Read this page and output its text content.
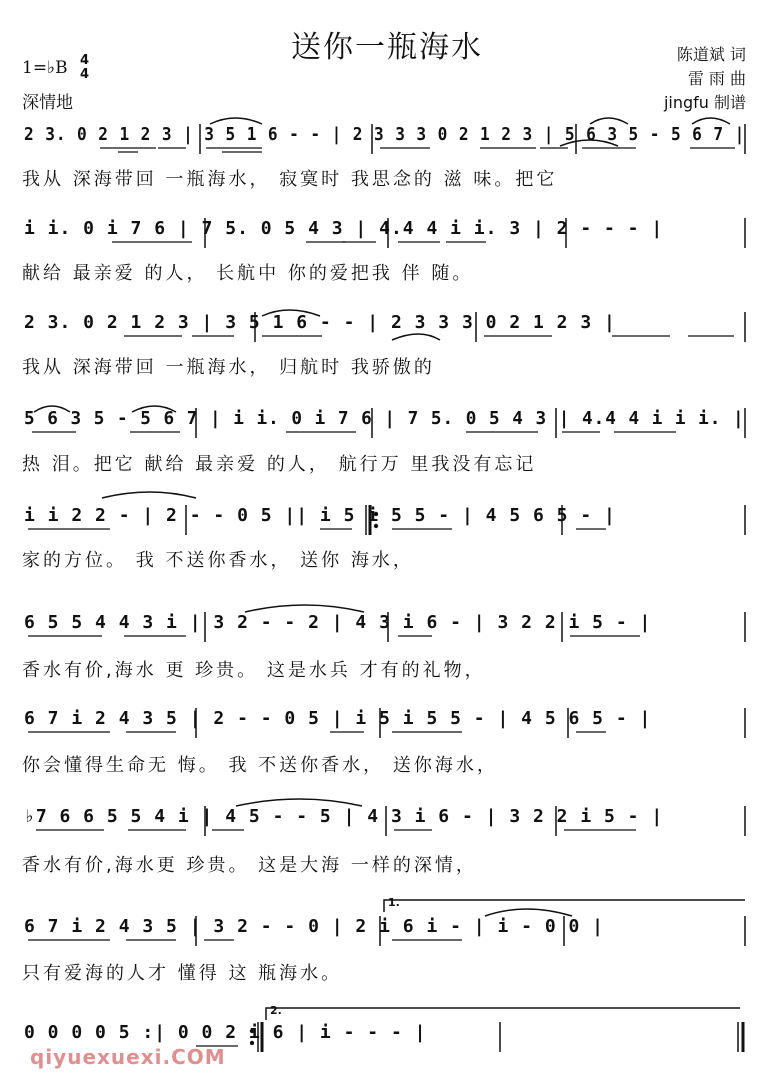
送你一瓶海水
1=♭B 4
4
深情地
陈道斌 词
雷 雨 曲
jingfu 制谱
2 3. 0 2 1 2 3 | 3 5 1 6 - - | 2 3 3 3 0 2 1 2 3 | 5 6 3 5 - 5 6 7 |
我从 深海带回 一瓶海水， 寂寞时 我思念的 滋 味。把它
i i. 0 i 7 6 | 7 5. 0 5 4 3 | 4.4 4 i i. 3 | 2 - - - |
献给 最亲爱 的人， 长航中 你的爱把我 伴 随。
2 3. 0 2 1 2 3 | 3 5 1 6 - - | 2 3 3 3 0 2 1 2 3 |
我从 深海带回 一瓶海水， 归航时 我骄傲的
5 6 3 5 - 5 6 7 | i i. 0 i 7 6 | 7 5. 0 5 4 3 | 4.4 4 i i i. |
热 泪。把它 献给 最亲爱 的人， 航行万 里我没有忘记
i i 2 2 - | 2 - - 0 5 || i 5 i 5 5 - | 4 5 6 5 - |
家的方位。 我 不送你香水， 送你 海水，
6 5 5 4 4 3 i | 3 2 - - 2 | 4 3 i 6 - | 3 2 2 i 5 - |
香水有价,海水 更 珍贵。 这是水兵 才有的礼物，
6 7 i 2 4 3 5 | 2 - - 0 5 | i 5 i 5 5 - | 4 5 6 5 - |
你会懂得生命无 悔。 我 不送你香水， 送你海水，
♭7 6 6 5 5 4 i | 4 5 - - 5 | 4 3 i 6 - | 3 2 2 i 5 - |
香水有价,海水更 珍贵。 这是大海 一样的深情，
1.
6 7 i 2 4 3 5 | 3 2 - - 0 | 2 i 6 i - | i - 0 0 |
只有爱海的人才 懂得 这 瓶海水。
2.
0 0 0 0 5 :| 0 0 2 i 6 | i - - - |
qiyuexuexi.COM
